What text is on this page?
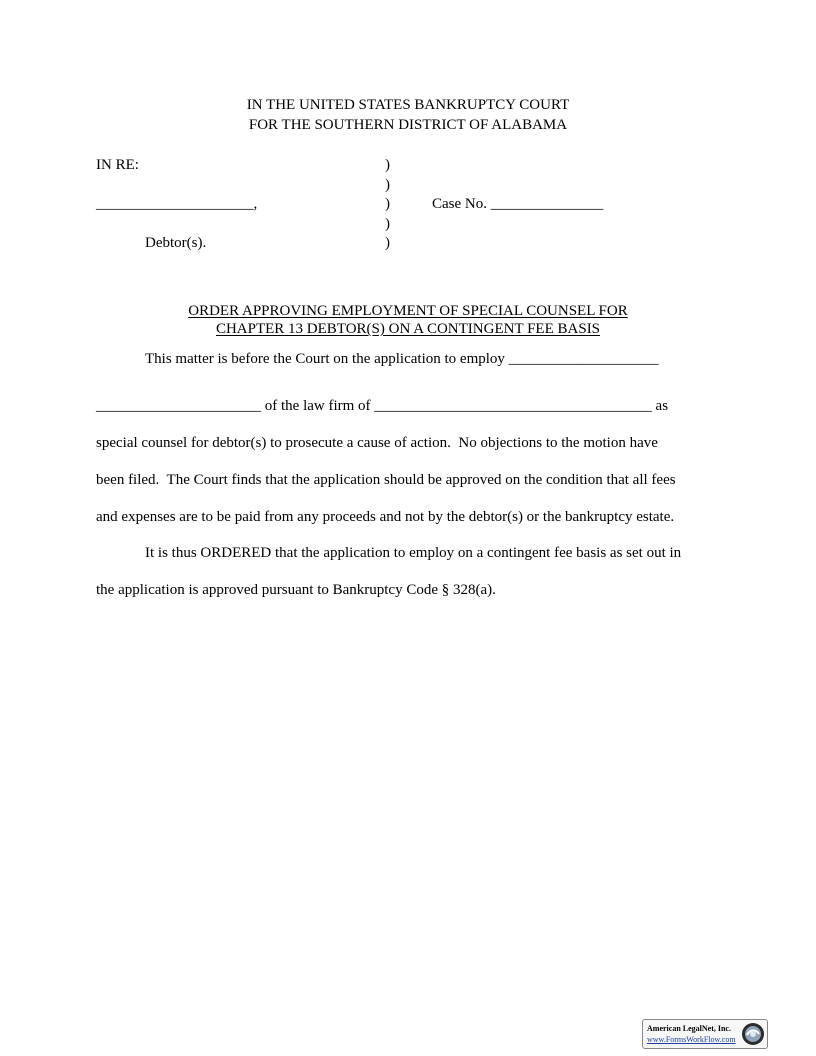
IN THE UNITED STATES BANKRUPTCY COURT
FOR THE SOUTHERN DISTRICT OF ALABAMA
IN RE:
_____________________,
Debtor(s).
)
)
)
)
)
Case No. _______________
ORDER APPROVING EMPLOYMENT OF SPECIAL COUNSEL FOR
CHAPTER 13 DEBTOR(S) ON A CONTINGENT FEE BASIS
This matter is before the Court on the application to employ ____________________
______________________ of the law firm of _____________________________________ as
special counsel for debtor(s) to prosecute a cause of action.  No objections to the motion have
been filed.  The Court finds that the application should be approved on the condition that all fees
and expenses are to be paid from any proceeds and not by the debtor(s) or the bankruptcy estate.
It is thus ORDERED that the application to employ on a contingent fee basis as set out in
the application is approved pursuant to Bankruptcy Code § 328(a).
American LegalNet, Inc.
www.FormsWorkFlow.com
